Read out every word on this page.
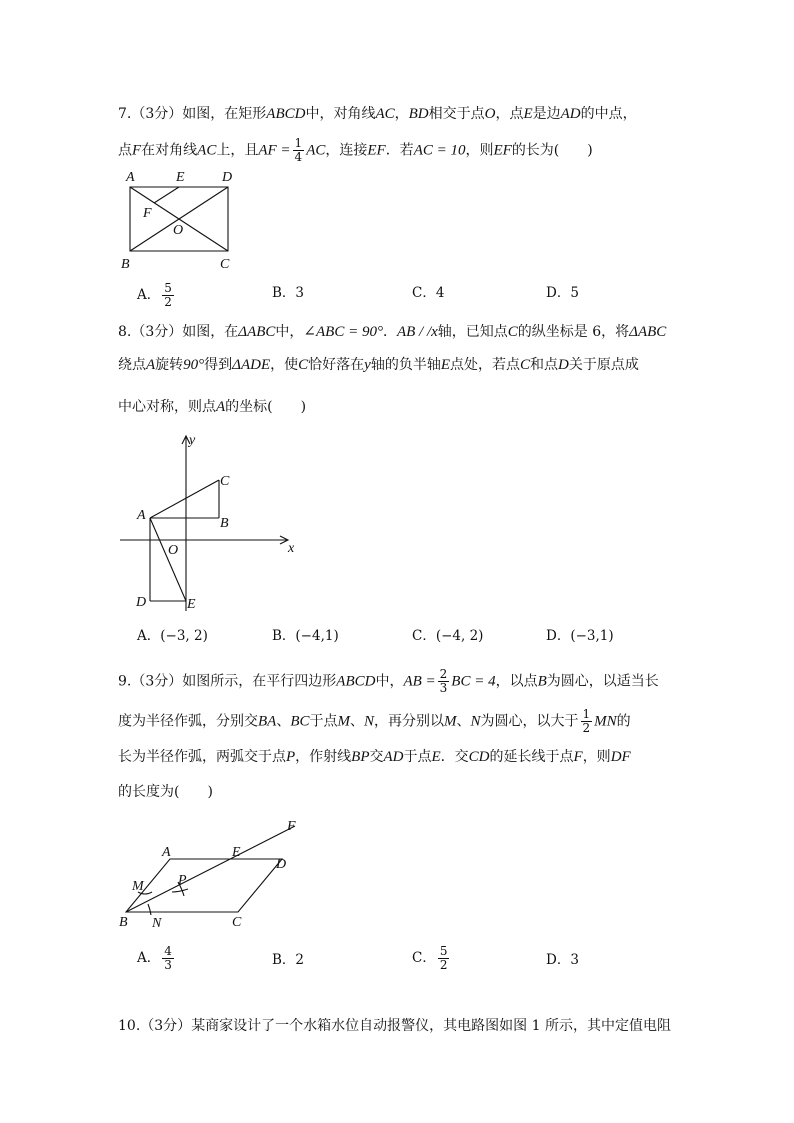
7.（3分）如图，在矩形ABCD中，对角线AC，BD相交于点O，点E是边AD的中点，
点F在对角线AC上，且AF = $\frac{1}{4}$ AC，连接EF．若AC = 10，则EF的长为(　　)
A	E	D
F
O
B	C
A． $\frac{5}{2}$	B．3	C．4	D．5
8.（3分）如图，在ΔABC中，∠ABC = 90°．AB / /x轴，已知点C的纵坐标是 6，将ΔABC
绕点A旋转90°得到ΔADE，使C恰好落在y轴的负半轴E点处，若点C和点D关于原点成
中心对称，则点A的坐标(　　)
y
x
A
B
C
O
D	E
A．(−3, 2)	B．(−4,1)	C．(−4, 2)	D．(−3,1)
9.（3分）如图所示，在平行四边形ABCD中，AB = $\frac{2}{3}$ BC = 4，以点B为圆心，以适当长
度为半径作弧，分别交BA、BC于点M、N，再分别以M、N为圆心，以大于 $\frac{1}{2}$ MN的
长为半径作弧，两弧交于点P，作射线BP交AD于点E．交CD的延长线于点F，则DF
的长度为(　　)
F
A	E
D
M P
B N	C
A． $\frac{4}{3}$	B．2	C． $\frac{5}{2}$	D．3
10.（3分）某商家设计了一个水箱水位自动报警仪，其电路图如图 1 所示，其中定值电阻
